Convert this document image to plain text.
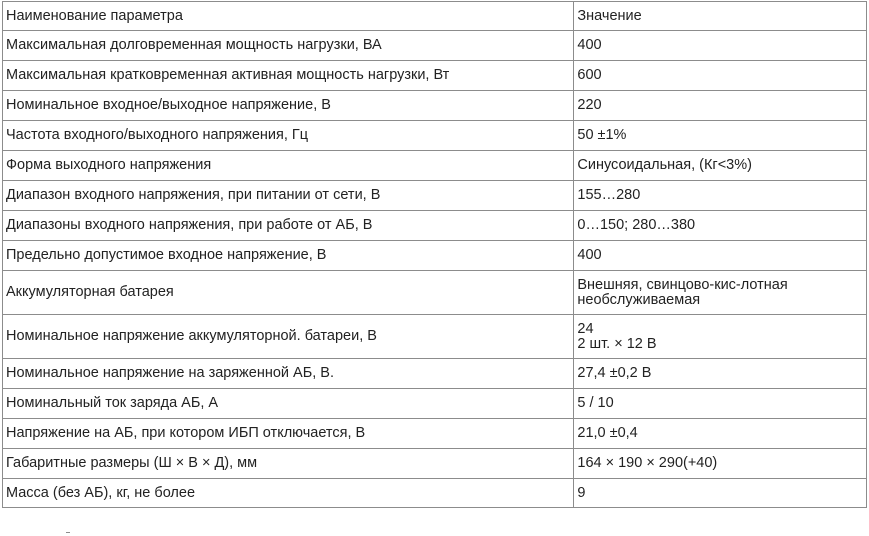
Наименование параметра	Значение
Максимальная долговременная мощность нагрузки, ВА	400
Максимальная кратковременная активная мощность нагрузки, Вт	600
Номинальное входное/выходное напряжение, В	220
Частота входного/выходного напряжения, Гц	50 ±1%
Форма выходного напряжения	Синусоидальная, (Кг<3%)
Диапазон входного напряжения, при питании от сети, В	155…280
Диапазоны входного напряжения, при работе от АБ, В	0…150; 280…380
Предельно допустимое входное напряжение, В	400
Аккумуляторная батарея	Внешняя, свинцово-кис-лотная
необслуживаемая

Номинальное напряжение аккумуляторной. батареи, В	24
2 шт. × 12 В

Номинальное напряжение на заряженной АБ, В.	27,4 ±0,2 В
Номинальный ток заряда АБ, А	5 / 10
Напряжение на АБ, при котором ИБП отключается, В	21,0 ±0,4
Габаритные размеры (Ш × В × Д), мм	164 × 190 × 290(+40)
Масса (без АБ), кг, не более	9
